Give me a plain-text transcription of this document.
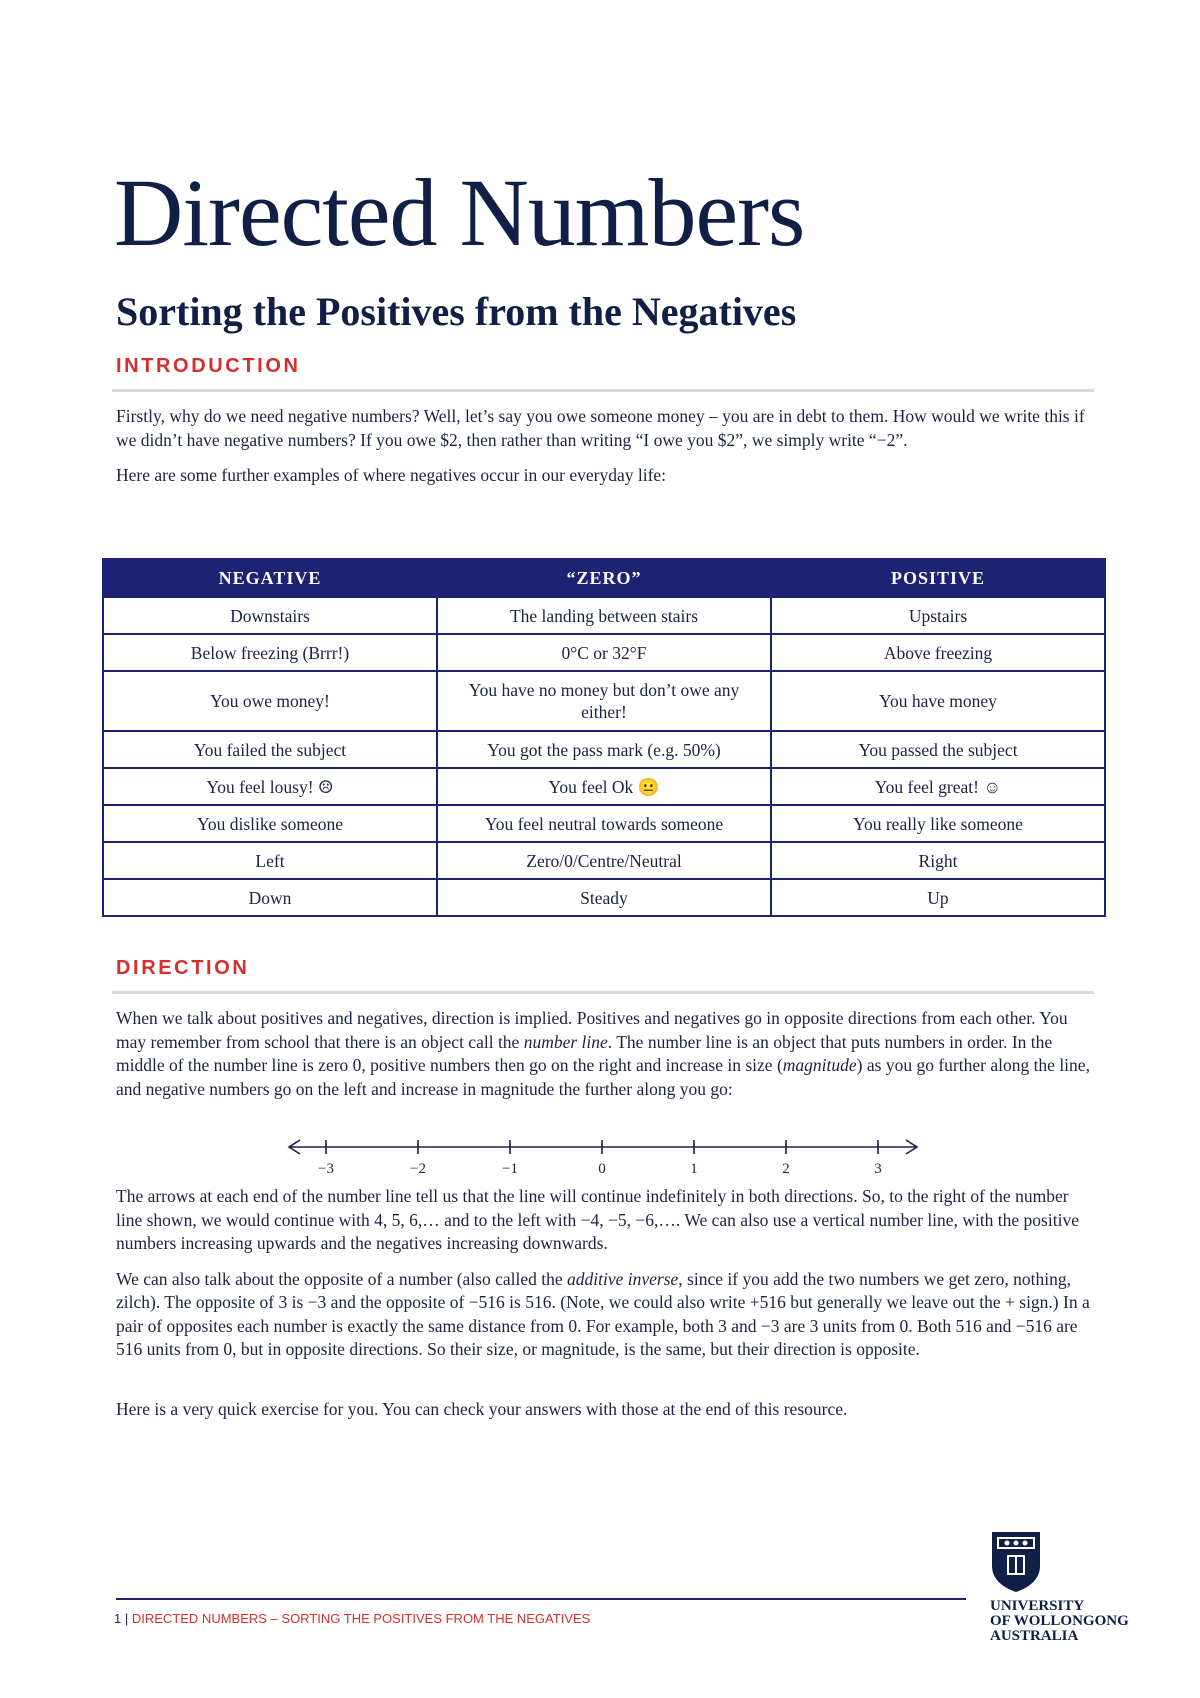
Directed Numbers
Sorting the Positives from the Negatives
INTRODUCTION

Firstly, why do we need negative numbers? Well, let’s say you owe someone money – you are in debt to them. How would we write this if we didn’t have negative numbers? If you owe $2, then rather than writing “I owe you $2”, we simply write “−2”.

Here are some further examples of where negatives occur in our everyday life:

NEGATIVE	“ZERO”	POSITIVE
Downstairs	The landing between stairs	Upstairs
Below freezing (Brrr!)	0°C or 32°F	Above freezing
You owe money!	You have no money but don’t owe any either!	You have money
You failed the subject	You got the pass mark (e.g. 50%)	You passed the subject
You feel lousy! ☹	You feel Ok 😐	You feel great! ☺
You dislike someone	You feel neutral towards someone	You really like someone
Left	Zero/0/Centre/Neutral	Right
Down	Steady	Up
DIRECTION

When we talk about positives and negatives, direction is implied. Positives and negatives go in opposite directions from each other. You may remember from school that there is an object call the number line. The number line is an object that puts numbers in order. In the middle of the number line is zero 0, positive numbers then go on the right and increase in size (magnitude) as you go further along the line, and negative numbers go on the left and increase in magnitude the further along you go:

−3	−2	−1	0	1	2	3

The arrows at each end of the number line tell us that the line will continue indefinitely in both directions. So, to the right of the number line shown, we would continue with 4, 5, 6,… and to the left with −4, −5, −6,…. We can also use a vertical number line, with the positive numbers increasing upwards and the negatives increasing downwards.

We can also talk about the opposite of a number (also called the additive inverse, since if you add the two numbers we get zero, nothing, zilch). The opposite of 3 is −3 and the opposite of −516 is 516. (Note, we could also write +516 but generally we leave out the + sign.) In a pair of opposites each number is exactly the same distance from 0. For example, both 3 and −3 are 3 units from 0. Both 516 and −516 are 516 units from 0, but in opposite directions. So their size, or magnitude, is the same, but their direction is opposite.

Here is a very quick exercise for you. You can check your answers with those at the end of this resource.

1 | DIRECTED NUMBERS – SORTING THE POSITIVES FROM THE NEGATIVES
UNIVERSITY
OF WOLLONGONG
AUSTRALIA
